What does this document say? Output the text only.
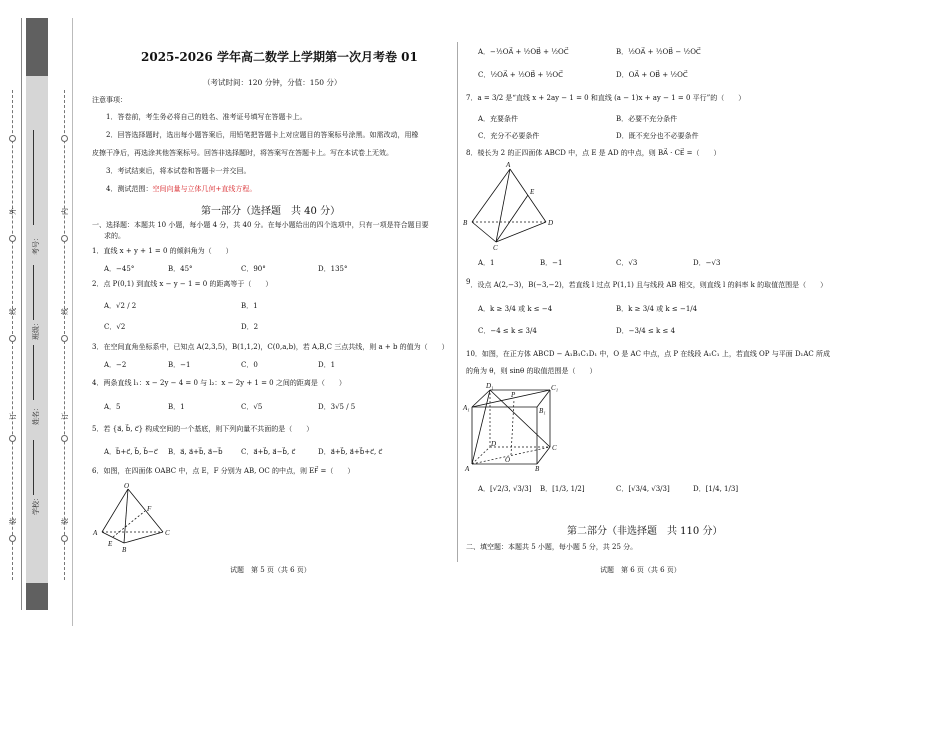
装
订
线
外
装
订
线
内
学校：
姓名：
班级：
考号：
2025-2026 学年高二数学上学期第一次月考卷 01
（考试时间：120 分钟，分值：150 分）
注意事项：
1．答卷前，考生务必将自己的姓名、准考证号填写在答题卡上。
2．回答选择题时，选出每小题答案后，用铅笔把答题卡上对应题目的答案标号涂黑。如需改动，用橡
皮擦干净后，再选涂其他答案标号。回答非选择题时，将答案写在答题卡上。写在本试卷上无效。
3．考试结束后，将本试卷和答题卡一并交回。
4．测试范围：空间向量与立体几何+直线方程。
第一部分（选择题　共 40 分）
一、选择题：本题共 10 小题，每小题 4 分，共 40 分。在每小题给出的四个选项中，只有一项是符合题目要
求的。
1．直线 x + y + 1 = 0 的倾斜角为（　　）
A．−45°	B．45°	C．90°	D．135°
2．点 P(0,1) 到直线 x − y − 1 = 0 的距离等于（　　）
A．√2 / 2	B．1
C．√2	D．2
3．在空间直角坐标系中，已知点 A(2,3,5)，B(1,1,2)，C(0,a,b)，若 A,B,C 三点共线，则 a + b 的值为（　　）
A．−2	B．−1	C．0	D．1
4．两条直线 l₁：x − 2y − 4 = 0 与 l₂：x − 2y + 1 = 0 之间的距离是（　　）
A．5	B．1	C．√5	D．3√5 / 5
5．若 {a⃗, b⃗, c⃗} 构成空间的一个基底，则下列向量不共面的是（　　）
A．b⃗+c⃗, b⃗, b⃗−c⃗ B．a⃗, a⃗+b⃗, a⃗−b⃗	C．a⃗+b⃗, a⃗−b⃗, c⃗	D．a⃗+b⃗, a⃗+b⃗+c⃗, c⃗
6．如图，在四面体 OABC 中，点 E，F 分别为 AB, OC 的中点，则 EF⃗ =（　　）
O
F
A	C
E
B
试题　第 5 页（共 6 页）
A．−½OA⃗ + ½OB⃗ + ½OC⃗	B．½OA⃗ + ½OB⃗ − ½OC⃗
C．½OA⃗ + ½OB⃗ + ½OC⃗	D．OA⃗ + OB⃗ + ½OC⃗
7．a = 3/2 是“直线 x + 2ay − 1 = 0 和直线 (a − 1)x + ay − 1 = 0 平行”的（　　）
A．充要条件	B．必要不充分条件
C．充分不必要条件	D．既不充分也不必要条件
8．棱长为 2 的正四面体 ABCD 中，点 E 是 AD 的中点，则 BA⃗ · CE⃗ =（　　）
A
E
B	D
C
A．1	B．−1	C．√3	D．−√3
9．设点 A(2,−3)，B(−3,−2)，若直线 l 过点 P(1,1) 且与线段 AB 相交，则直线 l 的斜率 k 的取值范围是（　　）
A．k ≥ 3/4 或 k ≤ −4	B．k ≥ 3/4 或 k ≤ −1/4
C．−4 ≤ k ≤ 3/4	D．−3/4 ≤ k ≤ 4
10．如图，在正方体 ABCD − A₁B₁C₁D₁ 中，O 是 AC 中点，点 P 在线段 A₁C₁ 上，若直线 OP 与平面 D₁AC 所成
的角为 θ，则 sinθ 的取值范围是（　　）
D₁
P
C₁
A₁	B₁
D	C
O
A	B
A．[√2/3, √3/3] B．[1/3, 1/2]	C．[√3/4, √3/3]	D．[1/4, 1/3]
第二部分（非选择题　共 110 分）
二、填空题：本题共 5 小题，每小题 5 分，共 25 分。
试题　第 6 页（共 6 页）
